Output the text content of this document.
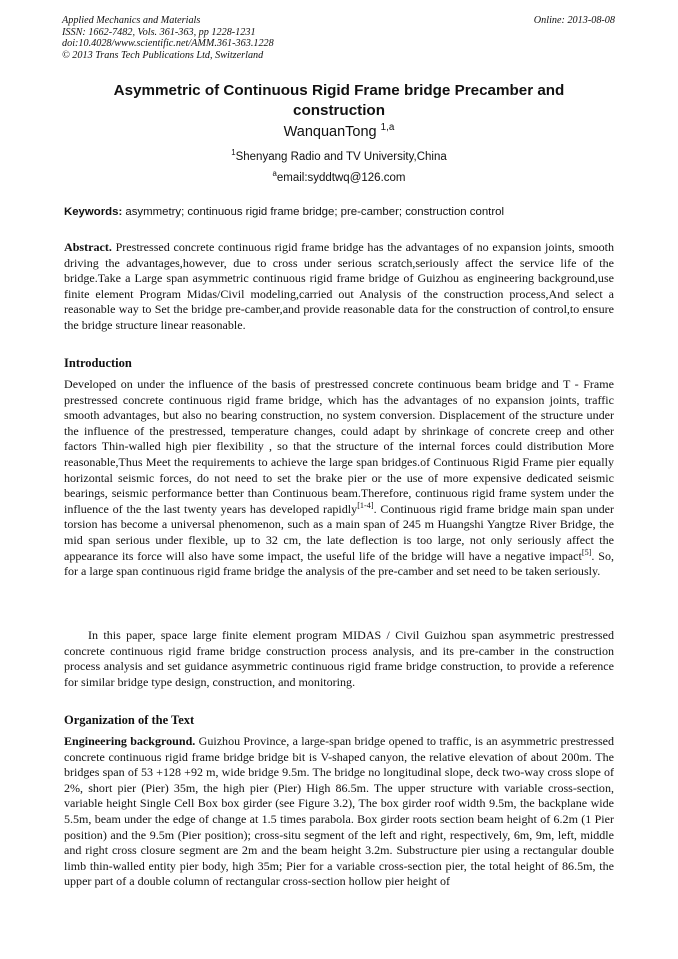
Applied Mechanics and Materials
ISSN: 1662-7482, Vols. 361-363, pp 1228-1231
doi:10.4028/www.scientific.net/AMM.361-363.1228
© 2013 Trans Tech Publications Ltd, Switzerland
Online: 2013-08-08
Asymmetric of Continuous Rigid Frame bridge Precamber and construction
WanquanTong $^{1,a}$
$^1$Shenyang Radio and TV University,China
$^a$email:syddtwq@126.com
Keywords: asymmetry; continuous rigid frame bridge; pre-camber; construction control
Abstract. Prestressed concrete continuous rigid frame bridge has the advantages of no expansion joints, smooth driving the advantages,however, due to cross under serious scratch,seriously affect the service life of the bridge.Take a Large span asymmetric continuous rigid frame bridge of Guizhou as engineering background,use finite element Program Midas/Civil modeling,carried out Analysis of the construction process,And select a reasonable way to Set the bridge pre-camber,and provide reasonable data for the construction of control,to ensure the bridge structure linear reasonable.
Introduction
Developed on under the influence of the basis of prestressed concrete continuous beam bridge and T - Frame prestressed concrete continuous rigid frame bridge, which has the advantages of no expansion joints, traffic smooth advantages, but also no bearing construction, no system conversion. Displacement of the structure under the influence of the prestressed, temperature changes, could adapt by shrinkage of concrete creep and other factors Thin-walled high pier flexibility , so that the structure of the internal forces could distribution More reasonable,Thus Meet the requirements to achieve the large span bridges.of Continuous Rigid Frame pier equally horizontal seismic forces, do not need to set the brake pier or the use of more expensive dedicated seismic bearings, seismic performance better than Continuous beam.Therefore, continuous rigid frame system under the influence of the the last twenty years has developed rapidly[1-4]. Continuous rigid frame bridge main span under torsion has become a universal phenomenon, such as a main span of 245 m Huangshi Yangtze River Bridge, the mid span serious under flexible, up to 32 cm, the late deflection is too large, not only seriously affect the appearance its force will also have some impact, the useful life of the bridge will have a negative impact[5]. So, for a large span continuous rigid frame bridge the analysis of the pre-camber and set need to be taken seriously.
In this paper, space large finite element program MIDAS / Civil Guizhou span asymmetric prestressed concrete continuous rigid frame bridge construction process analysis, and its pre-camber in the construction process analysis and set guidance asymmetric continuous rigid frame bridge construction, to provide a reference for similar bridge type design, construction, and monitoring.
Organization of the Text
Engineering background. Guizhou Province, a large-span bridge opened to traffic, is an asymmetric prestressed concrete continuous rigid frame bridge bridge bit is V-shaped canyon, the relative elevation of about 200m. The bridges span of 53 +128 +92 m, wide bridge 9.5m. The bridge no longitudinal slope, deck two-way cross slope of 2%, short pier (Pier) 35m, the high pier (Pier) High 86.5m. The upper structure with variable cross-section, variable height Single Cell Box box girder (see Figure 3.2), The box girder roof width 9.5m, the backplane wide 5.5m, beam under the edge of change at 1.5 times parabola. Box girder roots section beam height of 6.2m (1 Pier position) and the 9.5m (Pier position); cross-situ segment of the left and right, respectively, 6m, 9m, left, middle and right cross closure segment are 2m and the beam height 3.2m. Substructure pier using a rectangular double limb thin-walled entity pier body, high 35m; Pier for a variable cross-section pier, the total height of 86.5m, the upper part of a double column of rectangular cross-section hollow pier height of
